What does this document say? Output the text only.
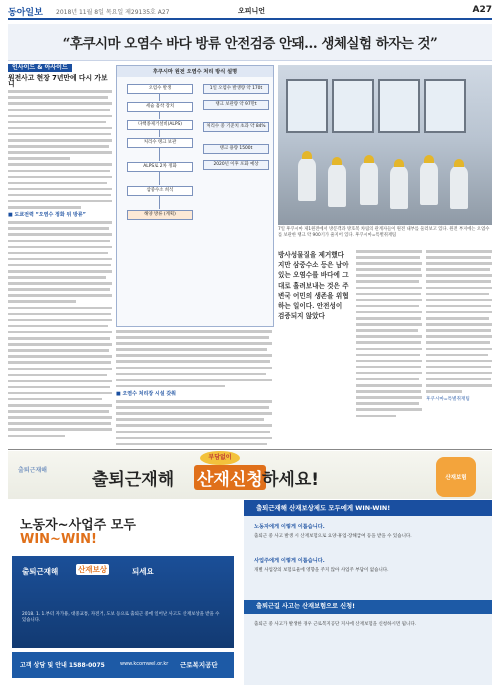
동아일보 2018년 11월 8일 목요일 제29135호 A27	오피니언	A27
“후쿠시마 오염수 바다 방류 안전검증 안돼… 생체실험 하자는 것”
인사이드 & 아사이드
원전사고 현장 7년만에 다시 가보니
■ 도쿄전력 “오염수 정화 뒤 방류”
후쿠시마 원전 오염수 처리 방식 설명
오염수 발생
세슘 흡착 장치
다핵종제거설비(ALPS)
처리수 탱크 보관
ALPS로 2차 정화
삼중수소 희석
해양 방류 (계획)
1일 오염수 발생량 약 170t
탱크 보관량 약 97만t
처리수 중 기준치 초과 약 84%
탱크 용량 1500t
2020년 이후 포화 예상
■ 오염수 처리장 시설 갖춰
7일 후쿠시마 제1원전에서 방문객과 방호복 차림의 관계자들이 원전 내부를 둘러보고 있다. 원전 부지에는 오염수를 보관한 탱크 약 900기가 줄지어 있다. 후쿠시마=특별취재팀
방사성물질을 제거했다지만 삼중수소 등은 남아 있는 오염수를 바다에 그대로 흘려보내는 것은 주변국 어민의 생존을 위협하는 일이다. 안전성이 검증되지 않았다
후쿠시마=특별취재팀
출퇴근재해
부담없이
출퇴근재해 산재신청 하세요!	산재보험
노동자~사업주 모두
WIN~WIN!
출퇴근재해	산재보상	되세요
2018. 1. 1.부터 자가용, 대중교통, 자전거, 도보 등으로 출퇴근 중에 일어난 사고도 산재보상을 받을 수 있습니다.
고객 상담 및 안내 1588-0075	www.kcomwel.or.kr 근로복지공단
출퇴근재해 산재보상제도 모두에게 WIN-WIN!
노동자에게 이렇게 이롭습니다.
출퇴근 중 사고 발생 시 산재보험으로 요양·휴업·장해급여 등을 받을 수 있습니다.
사업주에게 이렇게 이롭습니다.
개별 사업장의 보험료율에 영향을 주지 않아 사업주 부담이 없습니다.
출퇴근길 사고는 산재보험으로 신청!
출퇴근 중 사고가 발생한 경우 근로복지공단 지사에 산재보험을 신청하시면 됩니다.
